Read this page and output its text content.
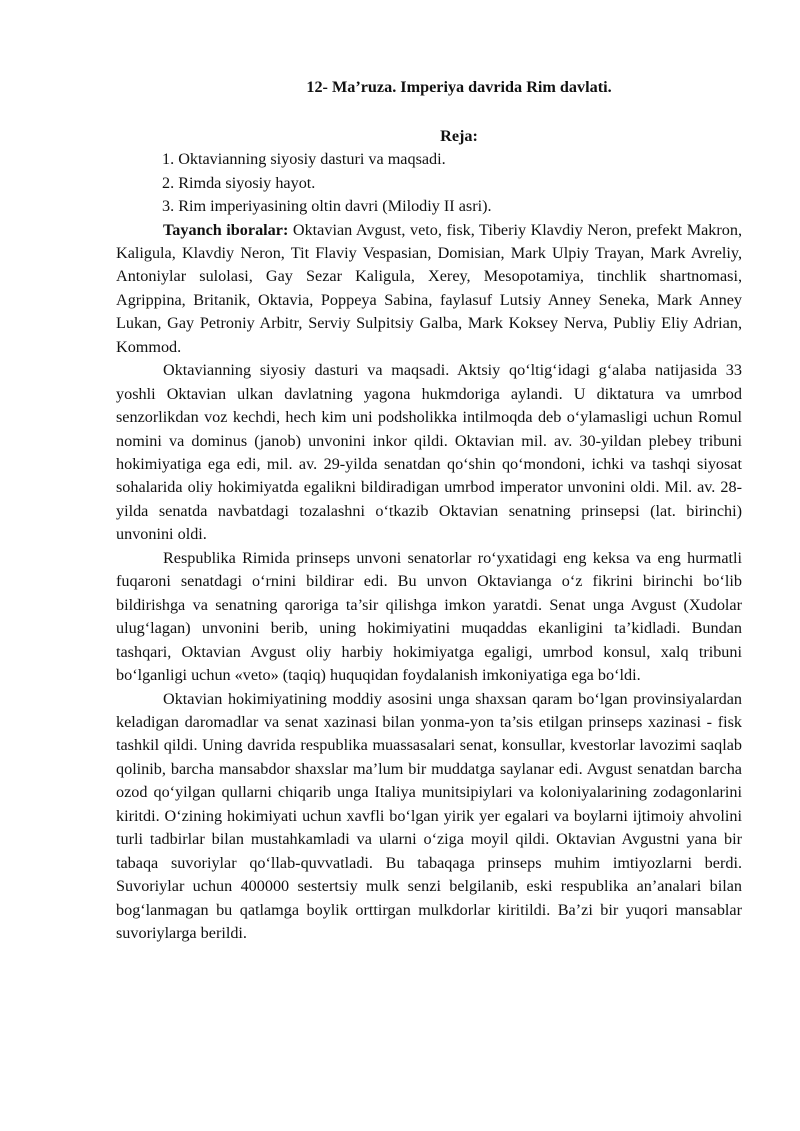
12- Ma’ruza. Imperiya davrida Rim davlati.
Reja:
1. Oktavianning siyosiy dasturi va maqsadi.
2. Rimda siyosiy hayot.
3. Rim imperiyasining oltin davri (Milodiy II asri).

Tayanch iboralar: Oktavian Avgust, veto, fisk, Tiberiy Klavdiy Neron, prefekt Makron, Kaligula, Klavdiy Neron, Tit Flaviy Vespasian, Domisian, Mark Ulpiy Trayan, Mark Avreliy, Antoniylar sulolasi, Gay Sezar Kaligula, Xerey, Mesopotamiya, tinchlik shartnomasi, Agrippina, Britanik, Oktavia, Poppeya Sabina, faylasuf Lutsiy Anney Seneka, Mark Anney Lukan, Gay Petroniy Arbitr, Serviy Sulpitsiy Galba, Mark Koksey Nerva, Publiy Eliy Adrian, Kommod.

Oktavianning siyosiy dasturi va maqsadi. Aktsiy qo‘ltig‘idagi g‘alaba natijasida 33 yoshli Oktavian ulkan davlatning yagona hukmdoriga aylandi. U diktatura va umrbod senzorlikdan voz kechdi, hech kim uni podsholikka intilmoqda deb o‘ylamasligi uchun Romul nomini va dominus (janob) unvonini inkor qildi. Oktavian mil. av. 30-yildan plebey tribuni hokimiyatiga ega edi, mil. av. 29-yilda senatdan qo‘shin qo‘mondoni, ichki va tashqi siyosat sohalarida oliy hokimiyatda egalikni bildiradigan umrbod imperator unvonini oldi. Mil. av. 28-yilda senatda navbatdagi tozalashni o‘tkazib Oktavian senatning prinsepsi (lat. birinchi) unvonini oldi.

Respublika Rimida prinseps unvoni senatorlar ro‘yxatidagi eng keksa va eng hurmatli fuqaroni senatdagi o‘rnini bildirar edi. Bu unvon Oktavianga o‘z fikrini birinchi bo‘lib bildirishga va senatning qaroriga ta’sir qilishga imkon yaratdi. Senat unga Avgust (Xudolar ulug‘lagan) unvonini berib, uning hokimiyatini muqaddas ekanligini ta’kidladi. Bundan tashqari, Oktavian Avgust oliy harbiy hokimiyatga egaligi, umrbod konsul, xalq tribuni bo‘lganligi uchun «veto» (taqiq) huquqidan foydalanish imkoniyatiga ega bo‘ldi.

Oktavian hokimiyatining moddiy asosini unga shaxsan qaram bo‘lgan provinsiyalardan keladigan daromadlar va senat xazinasi bilan yonma-yon ta’sis etilgan prinseps xazinasi - fisk tashkil qildi. Uning davrida respublika muassasalari senat, konsullar, kvestorlar lavozimi saqlab qolinib, barcha mansabdor shaxslar ma’lum bir muddatga saylanar edi. Avgust senatdan barcha ozod qo‘yilgan qullarni chiqarib unga Italiya munitsipiylari va koloniyalarining zodagonlarini kiritdi. O‘zining hokimiyati uchun xavfli bo‘lgan yirik yer egalari va boylarni ijtimoiy ahvolini turli tadbirlar bilan mustahkamladi va ularni o‘ziga moyil qildi. Oktavian Avgustni yana bir tabaqa suvoriylar qo‘llab-quvvatladi. Bu tabaqaga prinseps muhim imtiyozlarni berdi. Suvoriylar uchun 400000 sestertsiy mulk senzi belgilanib, eski respublika an’analari bilan bog‘lanmagan bu qatlamga boylik orttirgan mulkdorlar kiritildi. Ba’zi bir yuqori mansablar suvoriylarga berildi.
